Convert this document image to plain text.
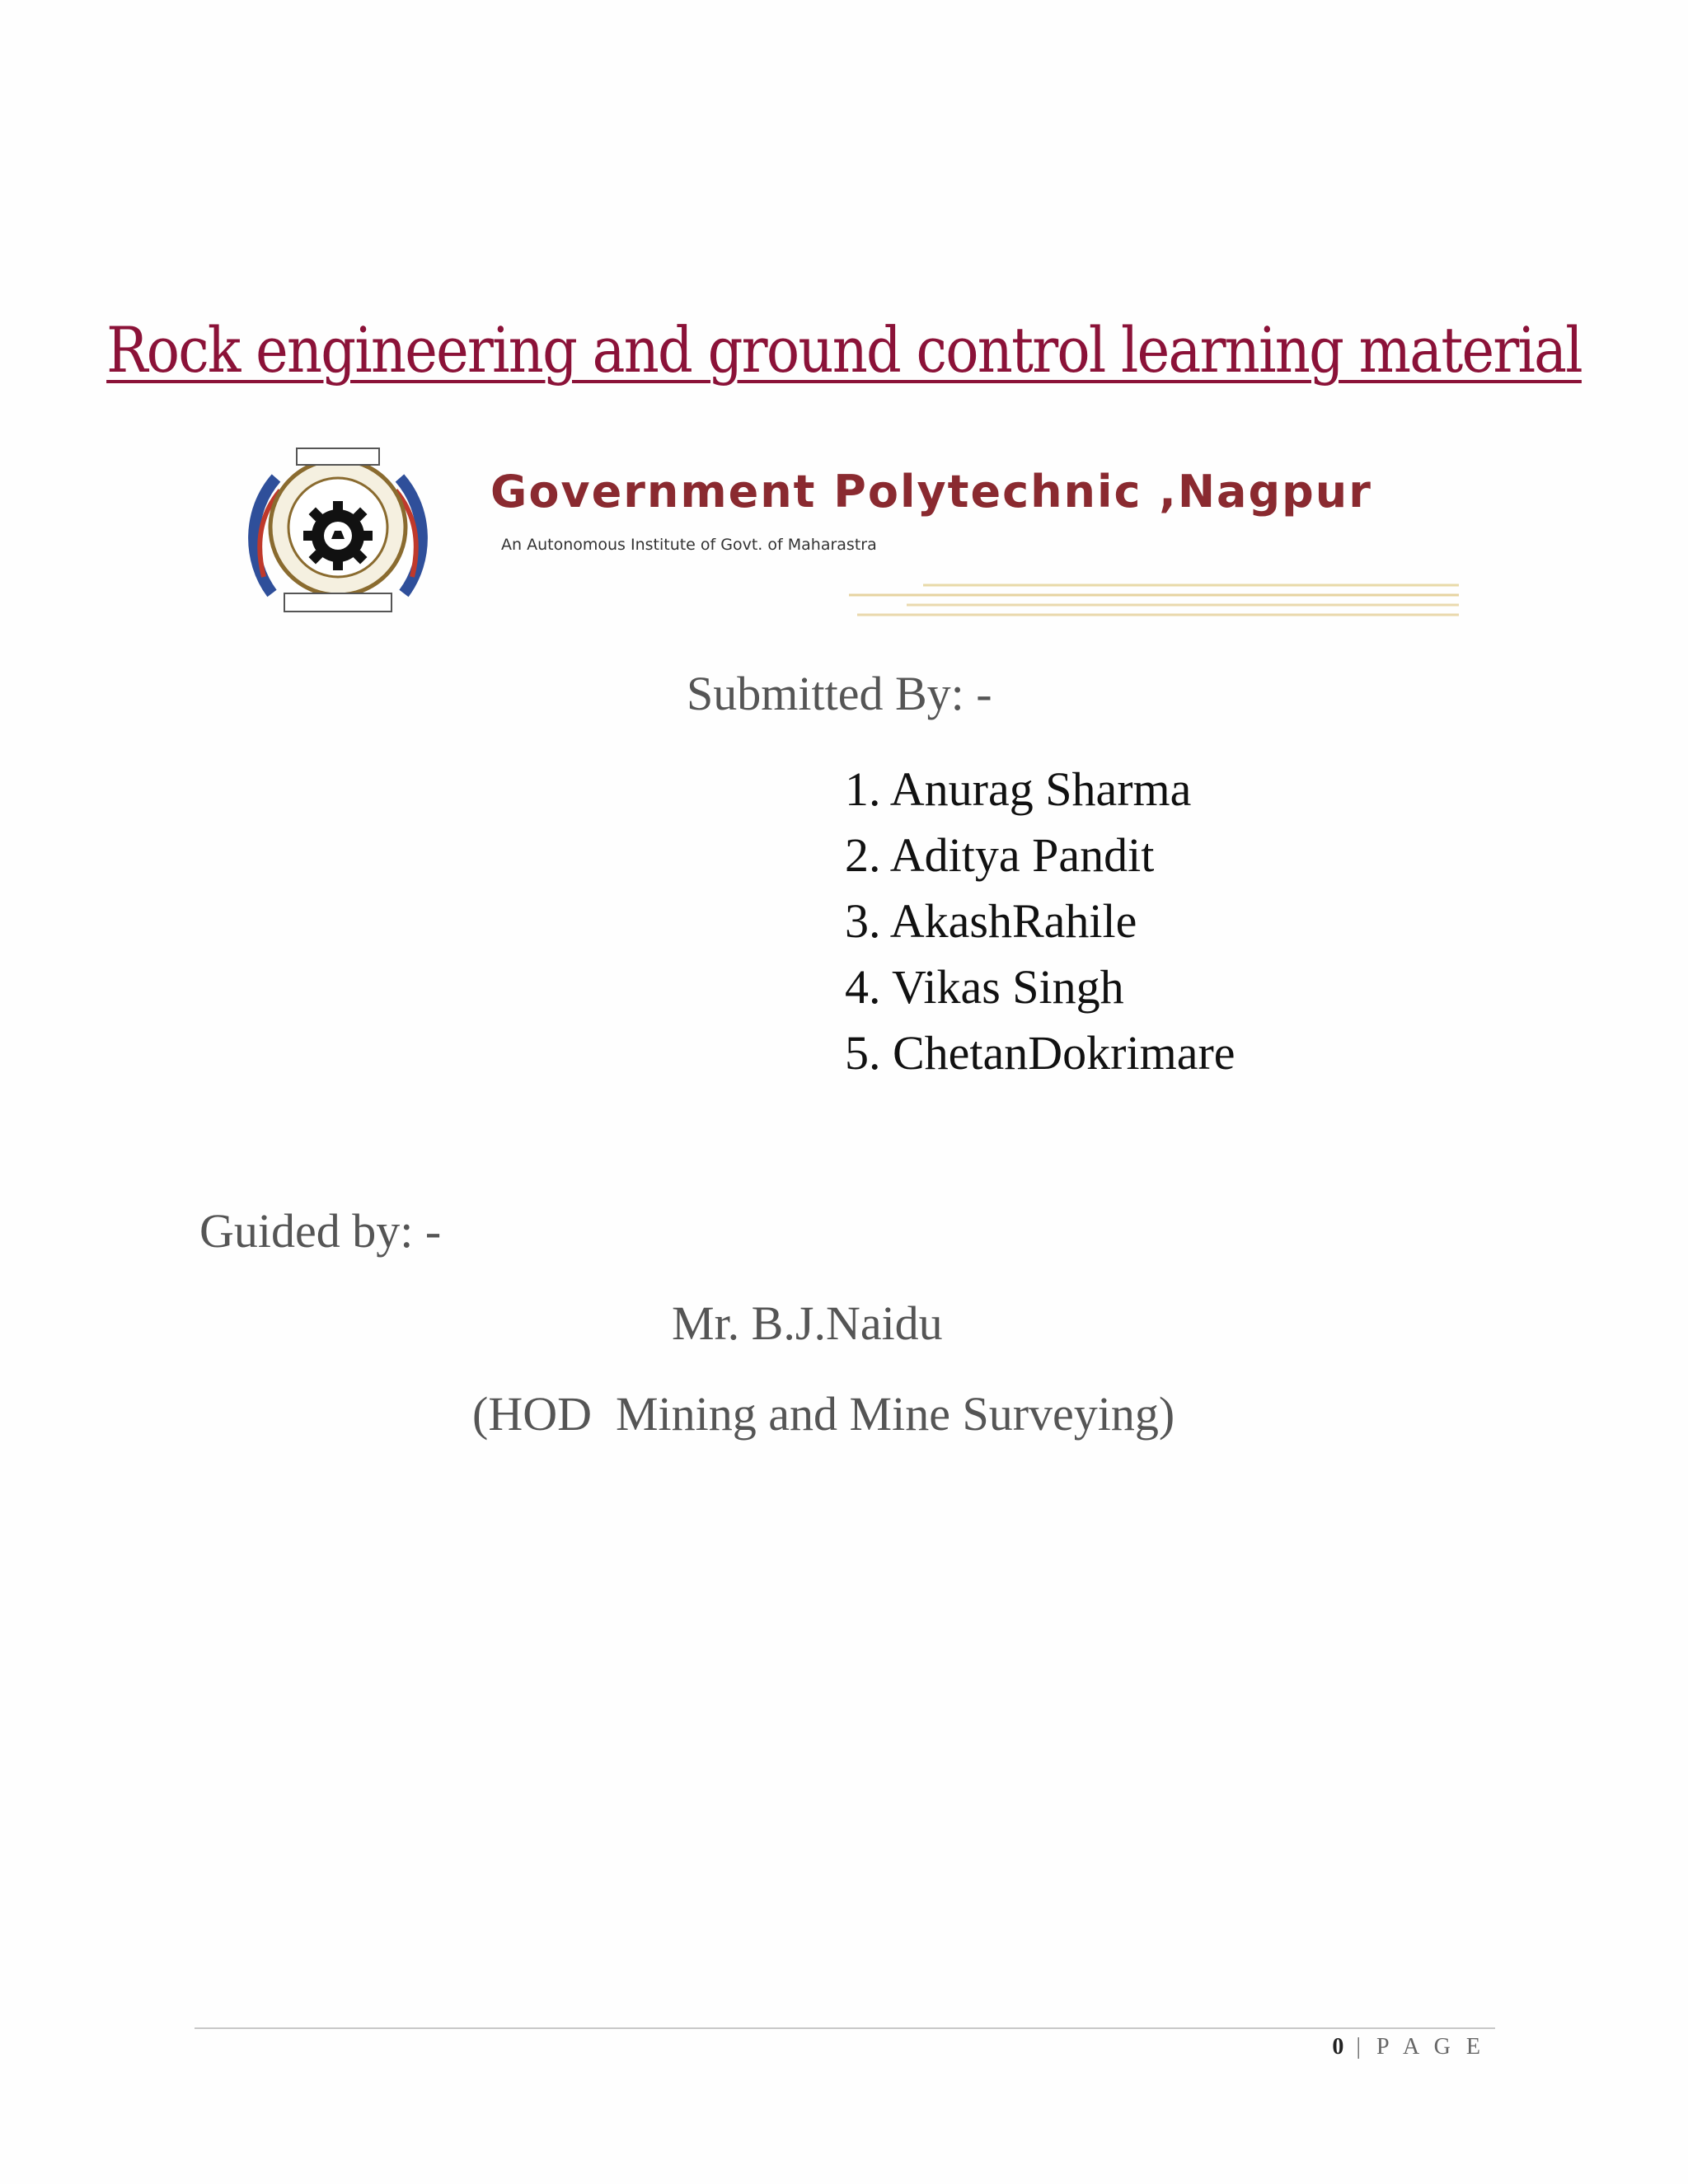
Rock engineering and ground control learning material
Government Polytechnic ,Nagpur
An Autonomous Institute of Govt. of Maharastra
Submitted By: -
1. Anurag Sharma
2. Aditya Pandit
3. AkashRahile
4. Vikas Singh
5. ChetanDokrimare
Guided by: -
Mr. B.J.Naidu
(HOD  Mining and Mine Surveying)
0 | P A G E
